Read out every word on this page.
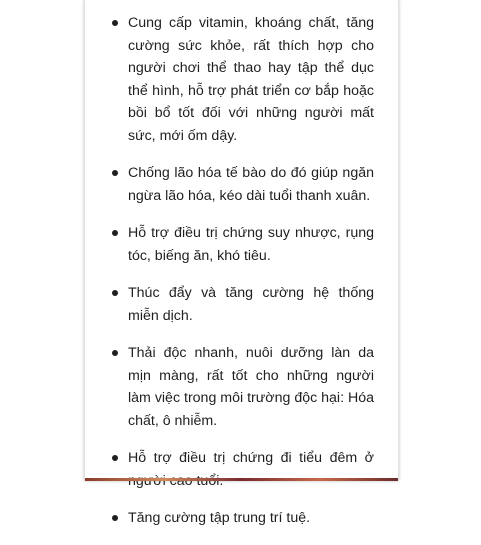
Cung cấp vitamin, khoáng chất, tăng cường sức khỏe, rất thích hợp cho người chơi thể thao hay tập thể dục thể hình, hỗ trợ phát triển cơ bắp hoặc bồi bổ tốt đối với những người mất sức, mới ốm dậy.
Chống lão hóa tế bào do đó giúp ngăn ngừa lão hóa, kéo dài tuổi thanh xuân.
Hỗ trợ điều trị chứng suy nhược, rụng tóc, biếng ăn, khó tiêu.
Thúc đẩy và tăng cường hệ thống miễn dịch.
Thải độc nhanh, nuôi dưỡng làn da mịn màng, rất tốt cho những người làm việc trong môi trường độc hại: Hóa chất, ô nhiễm.
Hỗ trợ điều trị chứng đi tiểu đêm ở
Tăng cường tập trung trí tuệ.
